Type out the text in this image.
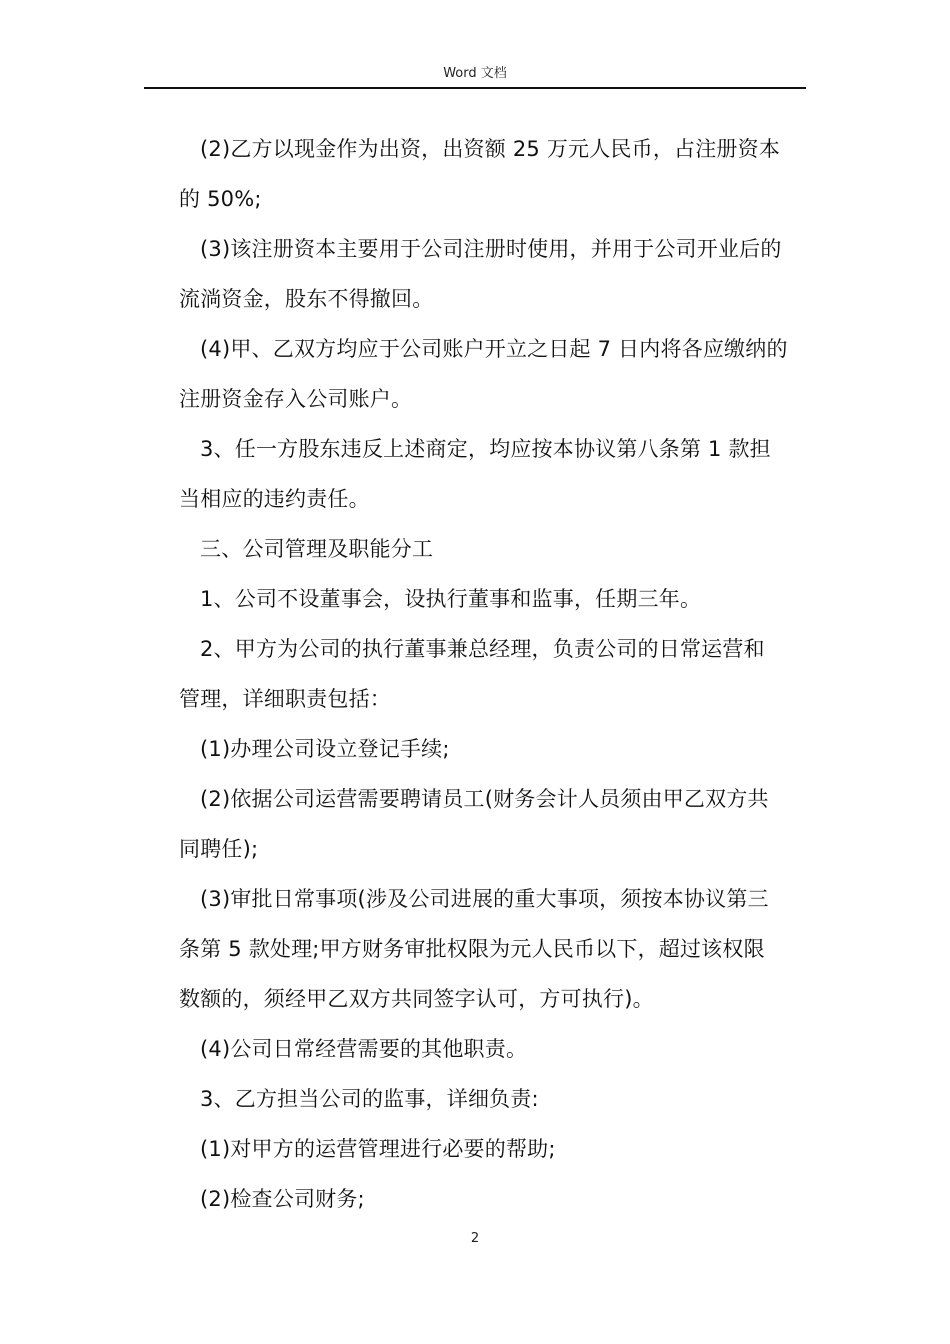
Word 文档

(2)乙方以现金作为出资，出资额 25 万元人民币，占注册资本
的 50%;

(3)该注册资本主要用于公司注册时使用，并用于公司开业后的
流淌资金，股东不得撤回。

(4)甲、乙双方均应于公司账户开立之日起 7 日内将各应缴纳的
注册资金存入公司账户。

3、任一方股东违反上述商定，均应按本协议第八条第 1 款担
当相应的违约责任。

三、公司管理及职能分工

1、公司不设董事会，设执行董事和监事，任期三年。

2、甲方为公司的执行董事兼总经理，负责公司的日常运营和
管理，详细职责包括：

(1)办理公司设立登记手续;

(2)依据公司运营需要聘请员工(财务会计人员须由甲乙双方共
同聘任);

(3)审批日常事项(涉及公司进展的重大事项，须按本协议第三
条第 5 款处理;甲方财务审批权限为元人民币以下，超过该权限
数额的，须经甲乙双方共同签字认可，方可执行)。

(4)公司日常经营需要的其他职责。

3、乙方担当公司的监事，详细负责:

(1)对甲方的运营管理进行必要的帮助;

(2)检查公司财务;

2
